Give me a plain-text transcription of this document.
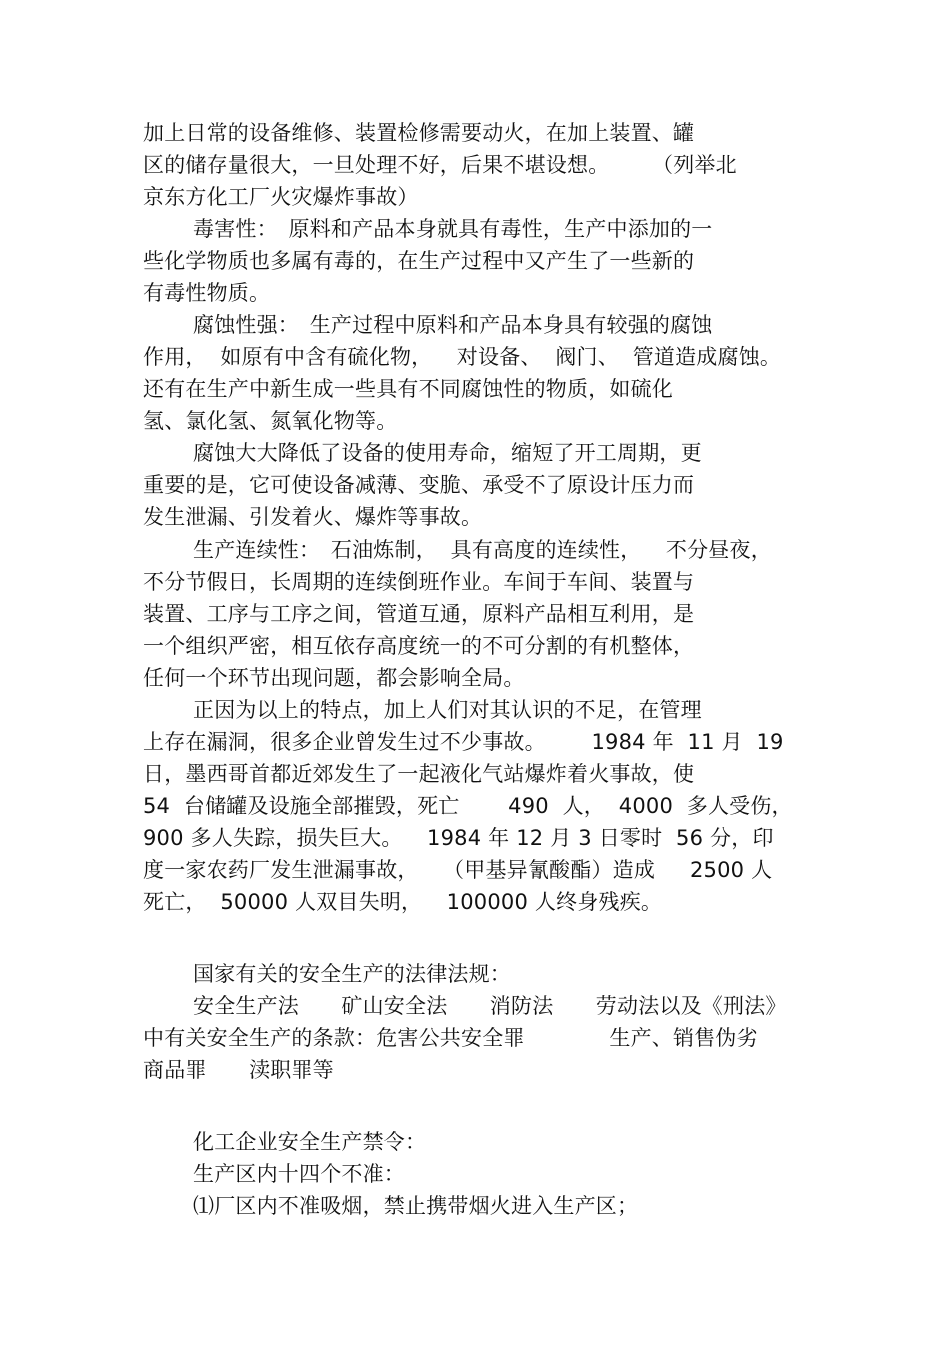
加上日常的设备维修、装置检修需要动火，在加上装置、罐
区的储存量很大，一旦处理不好，后果不堪设想。　　　（列举北
京东方化工厂火灾爆炸事故）
毒害性：　原料和产品本身就具有毒性，生产中添加的一
些化学物质也多属有毒的，在生产过程中又产生了一些新的
有毒性物质。
腐蚀性强：　生产过程中原料和产品本身具有较强的腐蚀
作用，  如原有中含有硫化物，　  对设备、  阀门、  管道造成腐蚀。
还有在生产中新生成一些具有不同腐蚀性的物质，如硫化
氢、氯化氢、氮氧化物等。
腐蚀大大降低了设备的使用寿命，缩短了开工周期，更
重要的是，它可使设备减薄、变脆、承受不了原设计压力而
发生泄漏、引发着火、爆炸等事故。
生产连续性：　石油炼制，  具有高度的连续性，　  不分昼夜，
不分节假日，长周期的连续倒班作业。车间于车间、装置与
装置、工序与工序之间，管道互通，原料产品相互利用，是
一个组织严密，相互依存高度统一的不可分割的有机整体，
任何一个环节出现问题，都会影响全局。
正因为以上的特点，加上人们对其认识的不足，在管理
上存在漏洞，很多企业曾发生过不少事故。　　  1984 年  11 月  19
日，墨西哥首都近郊发生了一起液化气站爆炸着火事故，使
54  台储罐及设施全部摧毁，死亡　    490  人，  4000  多人受伤，
900 多人失踪，损失巨大。　  1984 年 12 月 3 日零时  56 分，印
度一家农药厂发生泄漏事故，　  （甲基异氰酸酯）造成　  2500 人
死亡，  50000 人双目失明，　  100000 人终身残疾。
国家有关的安全生产的法律法规：
安全生产法　　矿山安全法　　消防法　　劳动法以及《刑法》
中有关安全生产的条款：危害公共安全罪　　　　生产、销售伪劣
商品罪　　渎职罪等
化工企业安全生产禁令：
生产区内十四个不准：
⑴厂区内不准吸烟，禁止携带烟火进入生产区；
